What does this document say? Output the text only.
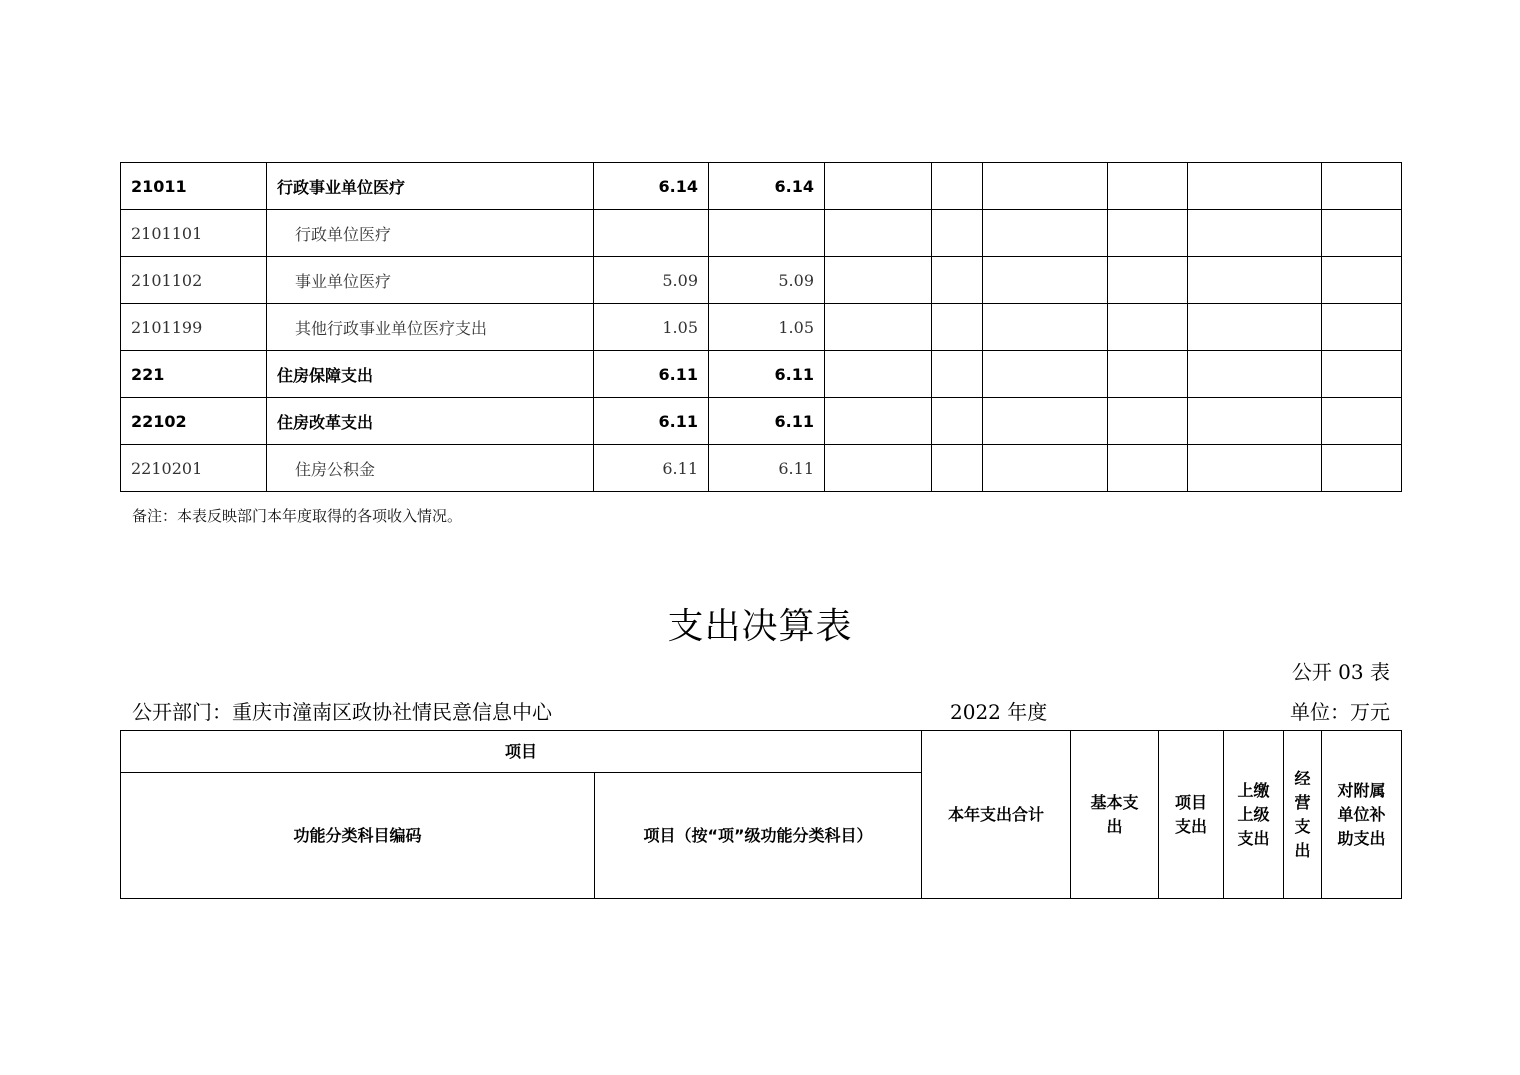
21011	行政事业单位医疗	6.14	6.14						
2101101	行政单位医疗								
2101102	事业单位医疗	5.09	5.09						
2101199	其他行政事业单位医疗支出	1.05	1.05						
221	住房保障支出	6.11	6.11						
22102	住房改革支出	6.11	6.11						
2210201	住房公积金	6.11	6.11						
备注：本表反映部门本年度取得的各项收入情况。
支出决算表
公开 03 表
公开部门：重庆市潼南区政协社情民意信息中心	2022 年度	单位：万元
项目		本年支出合计	基本支出	项目支出	上缴上级支出	经营支出	对附属单位补助支出

功能分类科目编码	项目（按“项”级功能分类科目）						
